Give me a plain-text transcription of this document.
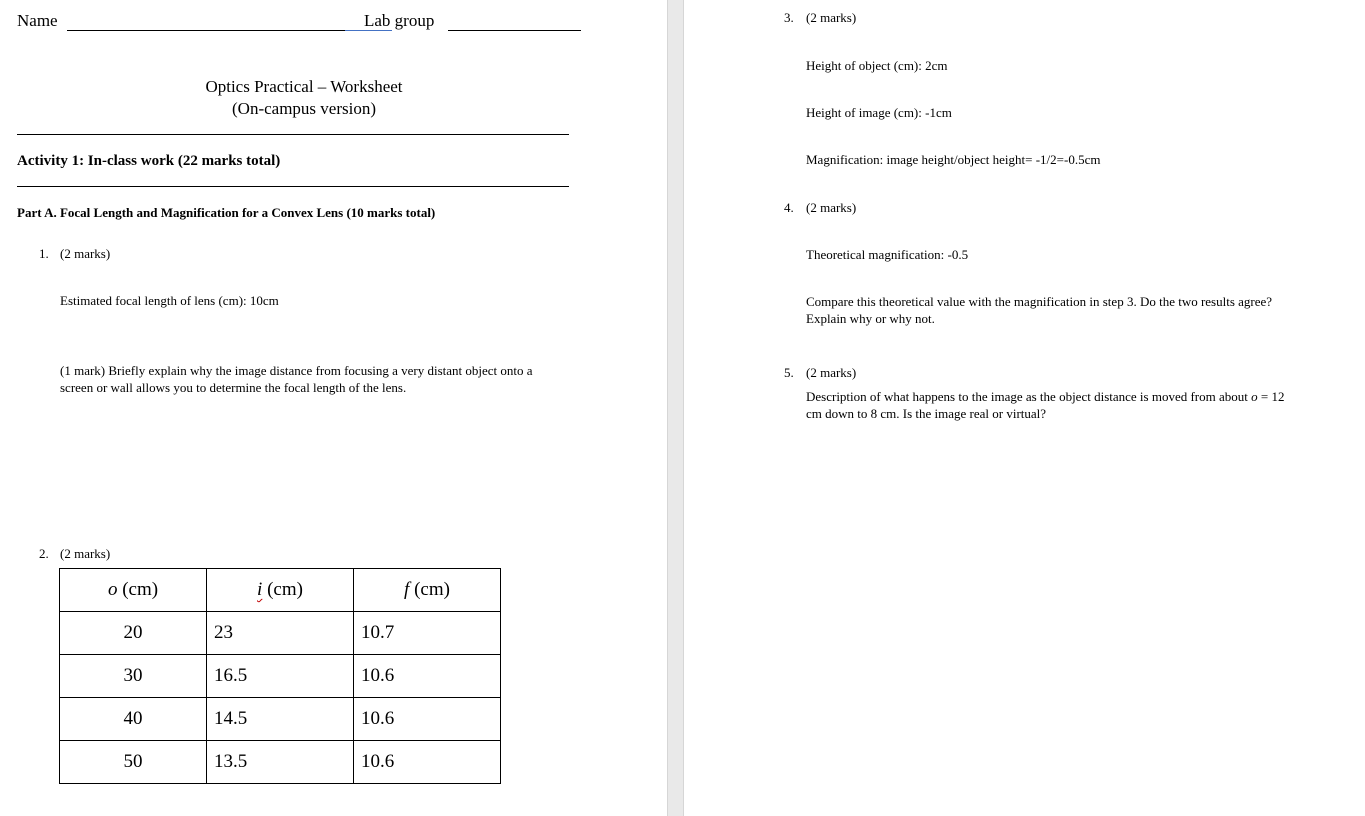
Name	Lab group
Optics Practical – Worksheet
(On-campus version)
Activity 1: In-class work (22 marks total)
Part A. Focal Length and Magnification for a Convex Lens (10 marks total)
1. (2 marks)
Estimated focal length of lens (cm): 10cm
(1 mark) Briefly explain why the image distance from focusing a very distant object onto a
screen or wall allows you to determine the focal length of the lens.
2. (2 marks)
o (cm)	i (cm)	f (cm)
20	23	10.7
30	16.5	10.6
40	14.5	10.6
50	13.5	10.6
3. (2 marks)
Height of object (cm): 2cm
Height of image (cm): -1cm
Magnification: image height/object height= -1/2=-0.5cm
4. (2 marks)
Theoretical magnification: -0.5
Compare this theoretical value with the magnification in step 3. Do the two results agree?
Explain why or why not.
5. (2 marks)
Description of what happens to the image as the object distance is moved from about o = 12
cm down to 8 cm. Is the image real or virtual?
